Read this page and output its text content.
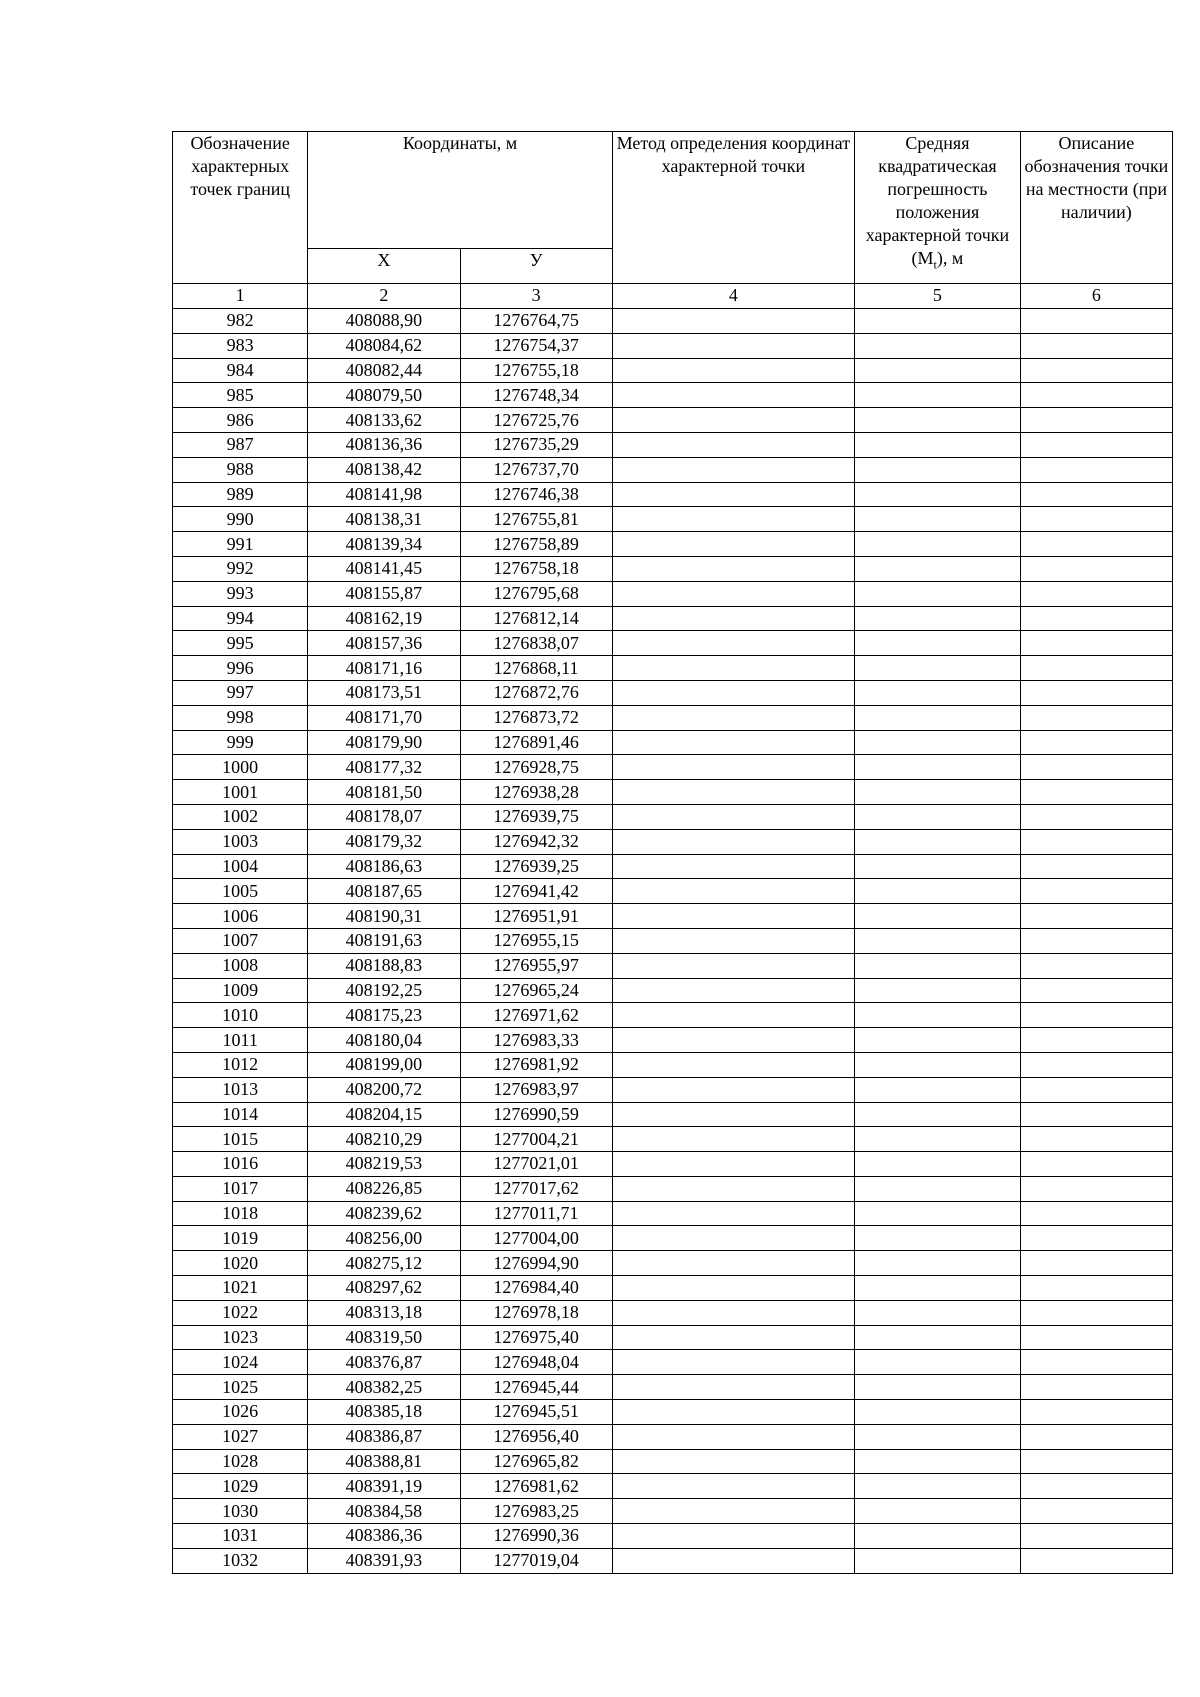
Обозначение характерных точек границ	Координаты, м		Метод определения координат характерной точки	Средняя квадратическая погрешность положения характерной точки $(М_t)$, м	Описание обозначения точки на местности (при наличии)
	Х	У			
1	2	3	4	5	6
982	408088,90	1276764,75			
983	408084,62	1276754,37			
984	408082,44	1276755,18			
985	408079,50	1276748,34			
986	408133,62	1276725,76			
987	408136,36	1276735,29			
988	408138,42	1276737,70			
989	408141,98	1276746,38			
990	408138,31	1276755,81			
991	408139,34	1276758,89			
992	408141,45	1276758,18			
993	408155,87	1276795,68			
994	408162,19	1276812,14			
995	408157,36	1276838,07			
996	408171,16	1276868,11			
997	408173,51	1276872,76			
998	408171,70	1276873,72			
999	408179,90	1276891,46			
1000	408177,32	1276928,75			
1001	408181,50	1276938,28			
1002	408178,07	1276939,75			
1003	408179,32	1276942,32			
1004	408186,63	1276939,25			
1005	408187,65	1276941,42			
1006	408190,31	1276951,91			
1007	408191,63	1276955,15			
1008	408188,83	1276955,97			
1009	408192,25	1276965,24			
1010	408175,23	1276971,62			
1011	408180,04	1276983,33			
1012	408199,00	1276981,92			
1013	408200,72	1276983,97			
1014	408204,15	1276990,59			
1015	408210,29	1277004,21			
1016	408219,53	1277021,01			
1017	408226,85	1277017,62			
1018	408239,62	1277011,71			
1019	408256,00	1277004,00			
1020	408275,12	1276994,90			
1021	408297,62	1276984,40			
1022	408313,18	1276978,18			
1023	408319,50	1276975,40			
1024	408376,87	1276948,04			
1025	408382,25	1276945,44			
1026	408385,18	1276945,51			
1027	408386,87	1276956,40			
1028	408388,81	1276965,82			
1029	408391,19	1276981,62			
1030	408384,58	1276983,25			
1031	408386,36	1276990,36			
1032	408391,93	1277019,04			
